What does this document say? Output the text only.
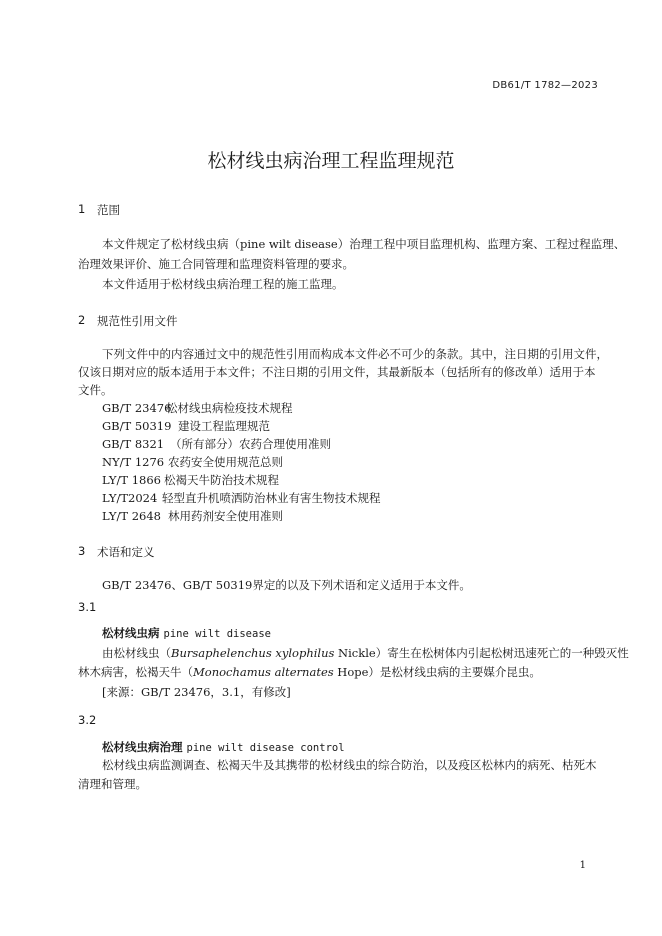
DB61/T 1782—2023
松材线虫病治理工程监理规范
1 范围
本文件规定了松材线虫病（pine wilt disease）治理工程中项目监理机构、监理方案、工程过程监理、
治理效果评价、施工合同管理和监理资料管理的要求。
本文件适用于松材线虫病治理工程的施工监理。
2 规范性引用文件
下列文件中的内容通过文中的规范性引用而构成本文件必不可少的条款。其中，注日期的引用文件，
仅该日期对应的版本适用于本文件；不注日期的引用文件，其最新版本（包括所有的修改单）适用于本
文件。
GB/T 23476松材线虫病检疫技术规程
GB/T 50319 建设工程监理规范
GB/T 8321 （所有部分）农药合理使用准则
NY/T 1276 农药安全使用规范总则
LY/T 1866 松褐天牛防治技术规程
LY/T2024 轻型直升机喷洒防治林业有害生物技术规程
LY/T 2648 林用药剂安全使用准则
3 术语和定义
GB/T 23476、GB/T 50319界定的以及下列术语和定义适用于本文件。
3.1
松材线虫病 pine wilt disease
由松材线虫（Bursaphelenchus xylophilus Nickle）寄生在松树体内引起松树迅速死亡的一种毁灭性
林木病害，松褐天牛（Monochamus alternates Hope）是松材线虫病的主要媒介昆虫。
[来源：GB/T 23476，3.1，有修改]
3.2
松材线虫病治理 pine wilt disease control
松材线虫病监测调查、松褐天牛及其携带的松材线虫的综合防治，以及疫区松林内的病死、枯死木
清理和管理。
1
